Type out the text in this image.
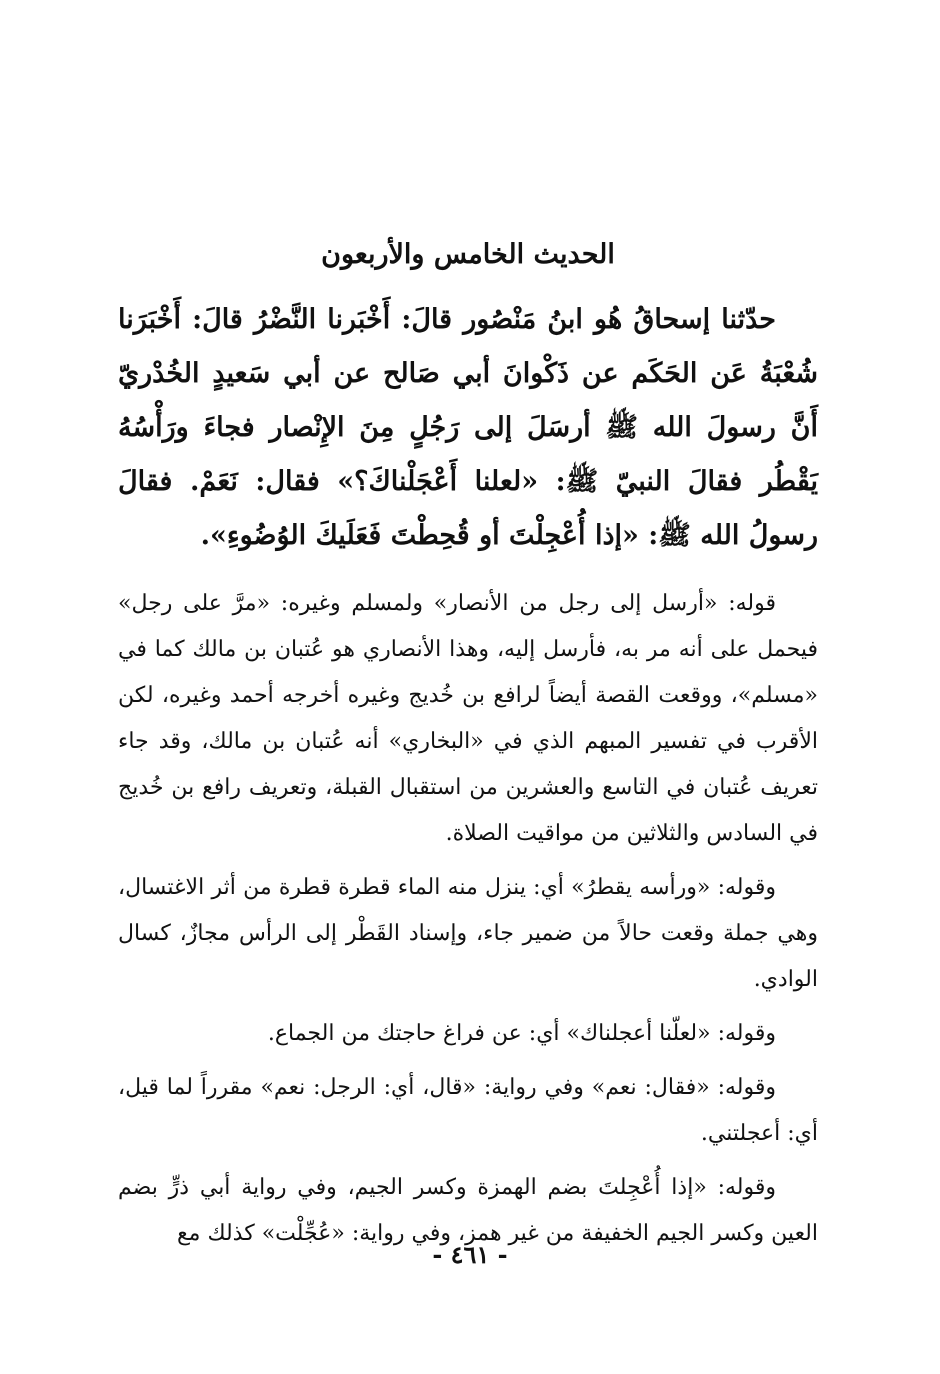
الحديث الخامس والأربعون

حدّثنا إسحاقُ هُو ابنُ مَنْصُور قالَ: أَخْبَرنا النَّضْرُ قالَ: أَخْبَرَنا شُعْبَةُ عَن الحَكَم عن ذَكْوانَ أبي صَالح عن أبي سَعيدٍ الخُدْريّ أَنَّ رسولَ الله ﷺ أرسَلَ إلى رَجُلٍ مِنَ الإِنْصار فجاءَ ورَأْسُهُ يَقْطُر فقالَ النبيّ ﷺ: «لعلنا أَعْجَلْناكَ؟» فقال: نَعَمْ. فقالَ رسولُ الله ﷺ: «إذا أُعْجِلْتَ أو قُحِطْتَ فَعَلَيكَ الوُضُوءِ».

قوله: «أرسل إلى رجل من الأنصار» ولمسلم وغيره: «مرَّ على رجل» فيحمل على أنه مر به، فأرسل إليه، وهذا الأنصاري هو عُتبان بن مالك كما في «مسلم»، ووقعت القصة أيضاً لرافع بن خُديج وغيره أخرجه أحمد وغيره، لكن الأقرب في تفسير المبهم الذي في «البخاري» أنه عُتبان بن مالك، وقد جاء تعريف عُتبان في التاسع والعشرين من استقبال القبلة، وتعريف رافع بن خُديج في السادس والثلاثين من مواقيت الصلاة.

وقوله: «ورأسه يقطرُ» أي: ينزل منه الماء قطرة قطرة من أثر الاغتسال، وهي جملة وقعت حالاً من ضمير جاء، وإسناد القَطْر إلى الرأس مجازٌ، كسال الوادي.

وقوله: «لعلّنا أعجلناك» أي: عن فراغ حاجتك من الجماع.

وقوله: «فقال: نعم» وفي رواية: «قال، أي: الرجل: نعم» مقرراً لما قيل، أي: أعجلتني.

وقوله: «إذا أُعْجِلتَ بضم الهمزة وكسر الجيم، وفي رواية أبي ذرٍّ بضم العين وكسر الجيم الخفيفة من غير همز، وفي رواية: «عُجِّلْت» كذلك مع

- ٤٦١ -
